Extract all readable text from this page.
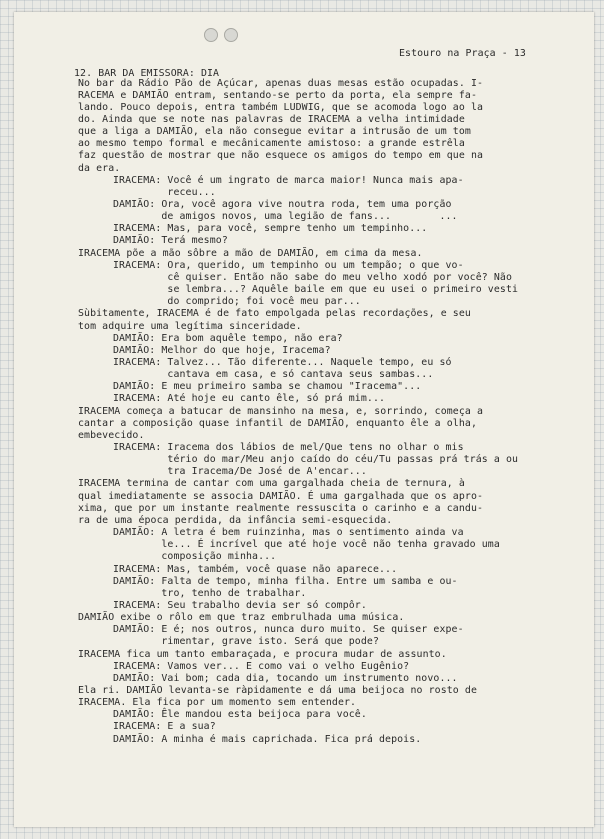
Estouro na Praça - 13
12. BAR DA EMISSORA: DIA
No bar da Rádio Pão de Açúcar, apenas duas mesas estão ocupadas. I-
RACEMA e DAMIÃO entram, sentando-se perto da porta, ela sempre fa-
lando. Pouco depois, entra também LUDWIG, que se acomoda logo ao la
do. Ainda que se note nas palavras de IRACEMA a velha intimidade
que a liga a DAMIÃO, ela não consegue evitar a intrusão de um tom
ao mesmo tempo formal e mecânicamente amistoso: a grande estrêla
faz questão de mostrar que não esquece os amigos do tempo em que na
da era.
IRACEMA: Você é um ingrato de marca maior! Nunca mais apa-
receu...
DAMIÃO: Ora, você agora vive noutra roda, tem uma porção
de amigos novos, uma legião de fans...        ...
IRACEMA: Mas, para você, sempre tenho um tempinho...
DAMIÃO: Terá mesmo?
IRACEMA põe a mão sôbre a mão de DAMIÃO, em cima da mesa.
IRACEMA: Ora, querido, um tempinho ou um tempão; o que vo-
cê quiser. Então não sabe do meu velho xodó por você? Não
se lembra...? Aquêle baile em que eu usei o primeiro vesti
do comprido; foi você meu par...
Sùbitamente, IRACEMA é de fato empolgada pelas recordações, e seu
tom adquire uma legítima sinceridade.
DAMIÃO: Era bom aquêle tempo, não era?
DAMIÃO: Melhor do que hoje, Iracema?
IRACEMA: Talvez... Tão diferente... Naquele tempo, eu só
cantava em casa, e só cantava seus sambas...
DAMIÃO: E meu primeiro samba se chamou "Iracema"...
IRACEMA: Até hoje eu canto êle, só prá mim...
IRACEMA começa a batucar de mansinho na mesa, e, sorrindo, começa a
cantar a composição quase infantil de DAMIÃO, enquanto êle a olha,
embevecido.
IRACEMA: Iracema dos lábios de mel/Que tens no olhar o mis
tério do mar/Meu anjo caído do céu/Tu passas prá trás a ou
tra Iracema/De José de A'encar...
IRACEMA termina de cantar com uma gargalhada cheia de ternura, à
qual imediatamente se associa DAMIÃO. É uma gargalhada que os apro-
xima, que por um instante realmente ressuscita o carinho e a candu-
ra de uma época perdida, da infância semi-esquecida.
DAMIÃO: A letra é bem ruinzinha, mas o sentimento ainda va
le... É incrível que até hoje você não tenha gravado uma
composição minha...
IRACEMA: Mas, também, você quase não aparece...
DAMIÃO: Falta de tempo, minha filha. Entre um samba e ou-
tro, tenho de trabalhar.
IRACEMA: Seu trabalho devia ser só compôr.
DAMIÃO exibe o rôlo em que traz embrulhada uma música.
DAMIÃO: E é; nos outros, nunca duro muito. Se quiser expe-
rimentar, grave isto. Será que pode?
IRACEMA fica um tanto embaraçada, e procura mudar de assunto.
IRACEMA: Vamos ver... E como vai o velho Eugênio?
DAMIÃO: Vai bom; cada dia, tocando um instrumento novo...
Ela ri. DAMIÃO levanta-se ràpidamente e dá uma beijoca no rosto de
IRACEMA. Ela fica por um momento sem entender.
DAMIÃO: Êle mandou esta beijoca para você.
IRACEMA: E a sua?
DAMIÃO: A minha é mais caprichada. Fica prá depois.
